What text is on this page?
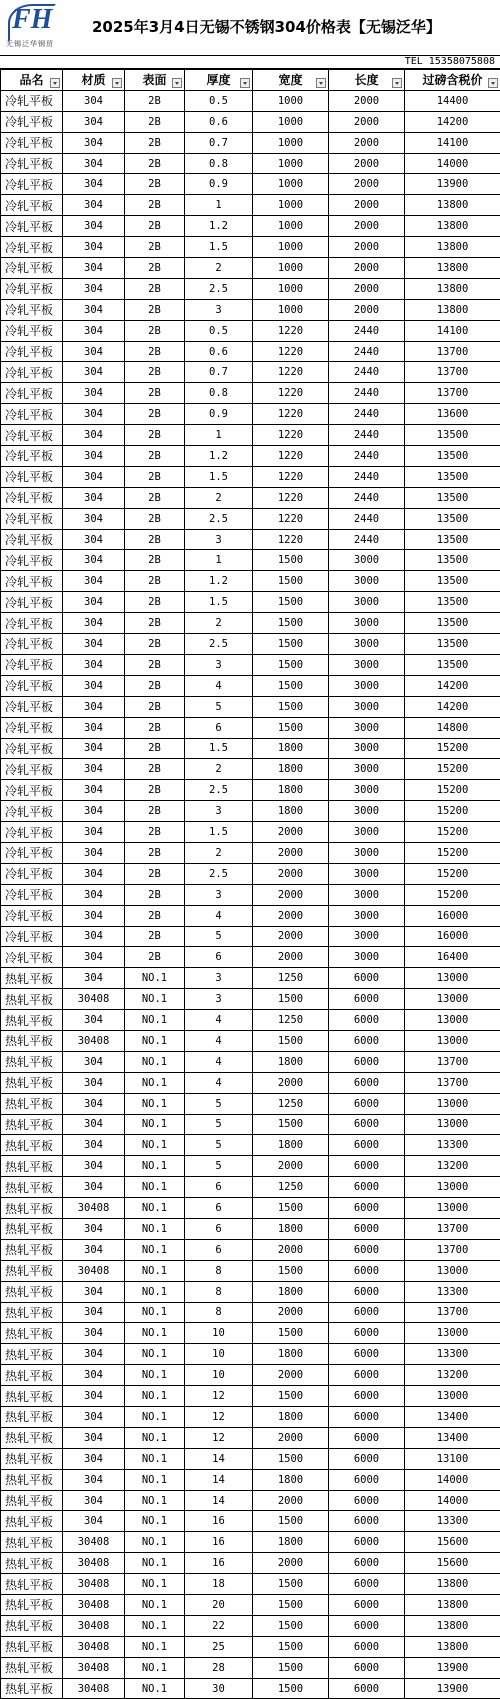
FH
无锡泛华钢贸
2025年3月4日无锡不锈钢304价格表【无锡泛华】
TEL 15358075808
品名	材质	表面	厚度	宽度	长度	过磅含税价

冷轧平板	304	2B	0.5	1000	2000	14400
冷轧平板	304	2B	0.6	1000	2000	14200
冷轧平板	304	2B	0.7	1000	2000	14100
冷轧平板	304	2B	0.8	1000	2000	14000
冷轧平板	304	2B	0.9	1000	2000	13900
冷轧平板	304	2B	1	1000	2000	13800
冷轧平板	304	2B	1.2	1000	2000	13800
冷轧平板	304	2B	1.5	1000	2000	13800
冷轧平板	304	2B	2	1000	2000	13800
冷轧平板	304	2B	2.5	1000	2000	13800
冷轧平板	304	2B	3	1000	2000	13800
冷轧平板	304	2B	0.5	1220	2440	14100
冷轧平板	304	2B	0.6	1220	2440	13700
冷轧平板	304	2B	0.7	1220	2440	13700
冷轧平板	304	2B	0.8	1220	2440	13700
冷轧平板	304	2B	0.9	1220	2440	13600
冷轧平板	304	2B	1	1220	2440	13500
冷轧平板	304	2B	1.2	1220	2440	13500
冷轧平板	304	2B	1.5	1220	2440	13500
冷轧平板	304	2B	2	1220	2440	13500
冷轧平板	304	2B	2.5	1220	2440	13500
冷轧平板	304	2B	3	1220	2440	13500
冷轧平板	304	2B	1	1500	3000	13500
冷轧平板	304	2B	1.2	1500	3000	13500
冷轧平板	304	2B	1.5	1500	3000	13500
冷轧平板	304	2B	2	1500	3000	13500
冷轧平板	304	2B	2.5	1500	3000	13500
冷轧平板	304	2B	3	1500	3000	13500
冷轧平板	304	2B	4	1500	3000	14200
冷轧平板	304	2B	5	1500	3000	14200
冷轧平板	304	2B	6	1500	3000	14800
冷轧平板	304	2B	1.5	1800	3000	15200
冷轧平板	304	2B	2	1800	3000	15200
冷轧平板	304	2B	2.5	1800	3000	15200
冷轧平板	304	2B	3	1800	3000	15200
冷轧平板	304	2B	1.5	2000	3000	15200
冷轧平板	304	2B	2	2000	3000	15200
冷轧平板	304	2B	2.5	2000	3000	15200
冷轧平板	304	2B	3	2000	3000	15200
冷轧平板	304	2B	4	2000	3000	16000
冷轧平板	304	2B	5	2000	3000	16000
冷轧平板	304	2B	6	2000	3000	16400
热轧平板	304	NO.1	3	1250	6000	13000
热轧平板	30408	NO.1	3	1500	6000	13000
热轧平板	304	NO.1	4	1250	6000	13000
热轧平板	30408	NO.1	4	1500	6000	13000
热轧平板	304	NO.1	4	1800	6000	13700
热轧平板	304	NO.1	4	2000	6000	13700
热轧平板	304	NO.1	5	1250	6000	13000
热轧平板	304	NO.1	5	1500	6000	13000
热轧平板	304	NO.1	5	1800	6000	13300
热轧平板	304	NO.1	5	2000	6000	13200
热轧平板	304	NO.1	6	1250	6000	13000
热轧平板	30408	NO.1	6	1500	6000	13000
热轧平板	304	NO.1	6	1800	6000	13700
热轧平板	304	NO.1	6	2000	6000	13700
热轧平板	30408	NO.1	8	1500	6000	13000
热轧平板	304	NO.1	8	1800	6000	13300
热轧平板	304	NO.1	8	2000	6000	13700
热轧平板	304	NO.1	10	1500	6000	13000
热轧平板	304	NO.1	10	1800	6000	13300
热轧平板	304	NO.1	10	2000	6000	13200
热轧平板	304	NO.1	12	1500	6000	13000
热轧平板	304	NO.1	12	1800	6000	13400
热轧平板	304	NO.1	12	2000	6000	13400
热轧平板	304	NO.1	14	1500	6000	13100
热轧平板	304	NO.1	14	1800	6000	14000
热轧平板	304	NO.1	14	2000	6000	14000
热轧平板	304	NO.1	16	1500	6000	13300
热轧平板	30408	NO.1	16	1800	6000	15600
热轧平板	30408	NO.1	16	2000	6000	15600
热轧平板	30408	NO.1	18	1500	6000	13800
热轧平板	30408	NO.1	20	1500	6000	13800
热轧平板	30408	NO.1	22	1500	6000	13800
热轧平板	30408	NO.1	25	1500	6000	13800
热轧平板	30408	NO.1	28	1500	6000	13900
热轧平板	30408	NO.1	30	1500	6000	13900
